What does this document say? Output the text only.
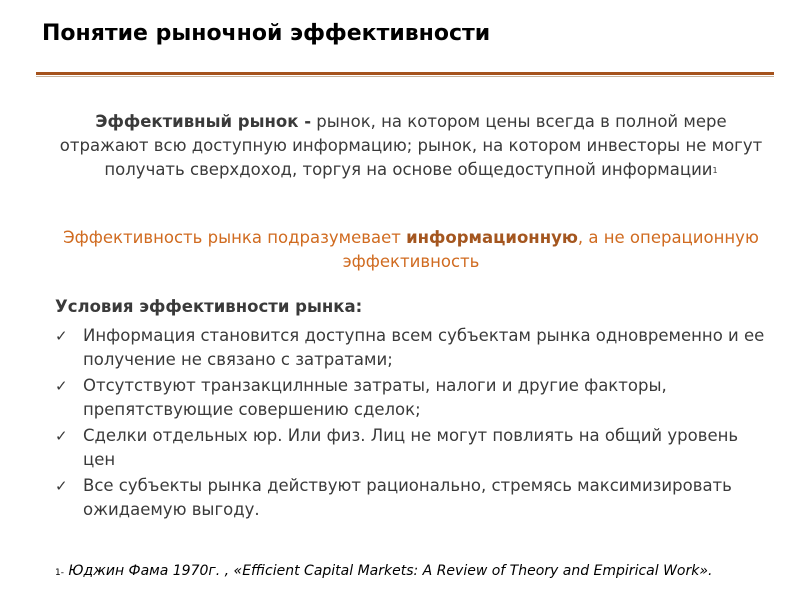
Понятие рыночной эффективности
Эффективный рынок - рынок, на котором цены всегда в полной мере отражают всю доступную информацию; рынок, на котором инвесторы не могут получать сверхдоход, торгуя на основе общедоступной информации$^1$
Эффективность рынка подразумевает информационную, а не операционную эффективность
Условия эффективности рынка:
✓ Информация становится доступна всем субъектам рынка одновременно и ее получение не связано с затратами;
✓ Отсутствуют транзакцилнные затраты, налоги и другие факторы, препятствующие совершению сделок;
✓ Сделки отдельных юр. Или физ. Лиц не могут повлиять на общий уровень цен
✓ Все субъекты рынка действуют рационально, стремясь максимизировать ожидаемую выгоду.
1- Юджин Фама 1970г. , «Efficient Capital Markets: A Review of Theory and Empirical Work».
